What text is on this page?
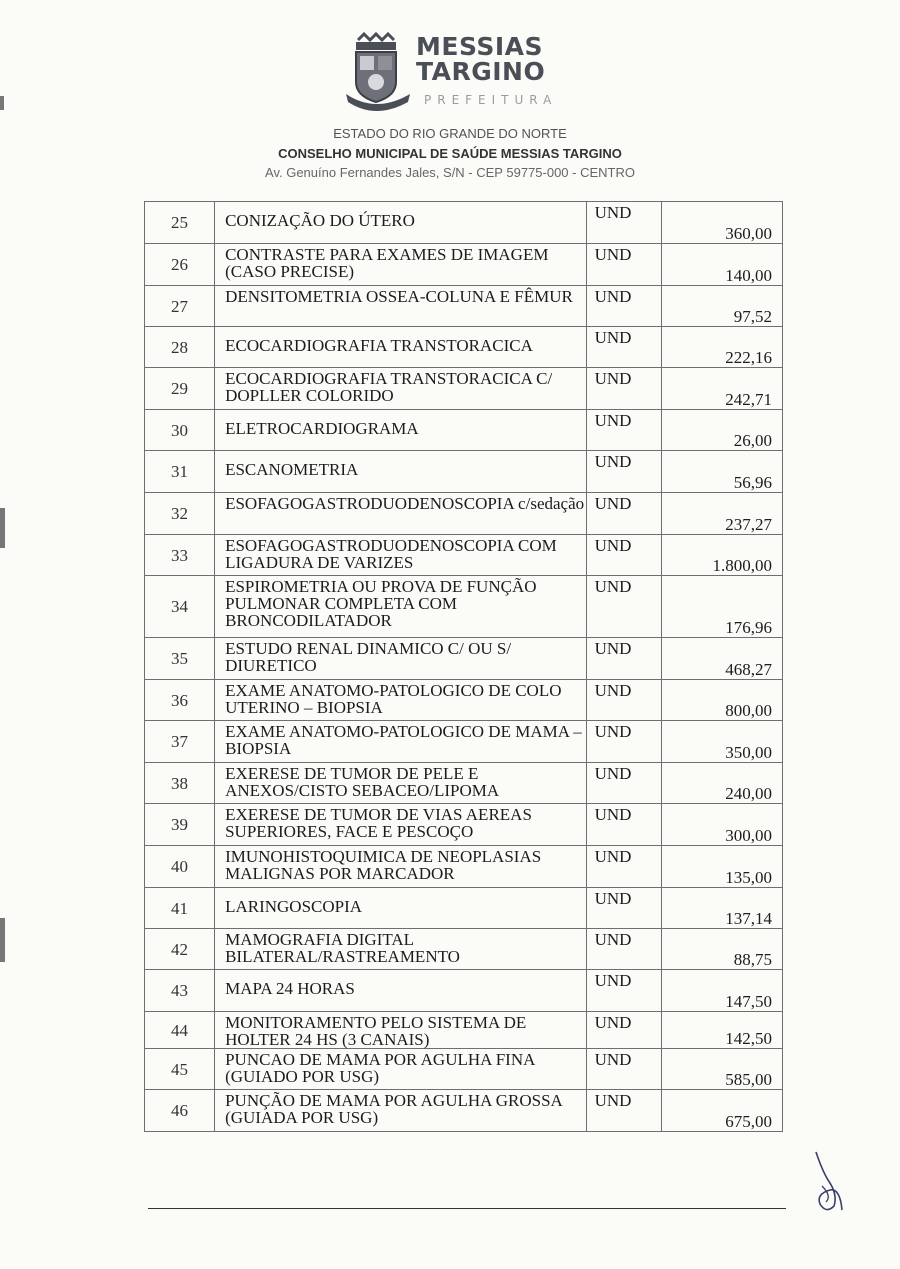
MESSIAS
TARGINO
PREFEITURA
ESTADO DO RIO GRANDE DO NORTE
CONSELHO MUNICIPAL DE SAÚDE MESSIAS TARGINO
Av. Genuíno Fernandes Jales, S/N - CEP 59775-000 - CENTRO
25	CONIZAÇÃO DO ÚTERO	UND	360,00
26	CONTRASTE PARA EXAMES DE IMAGEM (CASO PRECISE)	UND	140,00
27	DENSITOMETRIA OSSEA-COLUNA E FÊMUR	UND	97,52
28	ECOCARDIOGRAFIA TRANSTORACICA	UND	222,16
29	ECOCARDIOGRAFIA TRANSTORACICA C/ DOPLLER COLORIDO	UND	242,71
30	ELETROCARDIOGRAMA	UND	26,00
31	ESCANOMETRIA	UND	56,96
32	ESOFAGOGASTRODUODENOSCOPIA c/sedação	UND	237,27
33	ESOFAGOGASTRODUODENOSCOPIA COM LIGADURA DE VARIZES	UND	1.800,00
34	ESPIROMETRIA OU PROVA DE FUNÇÃO PULMONAR COMPLETA COM BRONCODILATADOR	UND	176,96
35	ESTUDO RENAL DINAMICO C/ OU S/ DIURETICO	UND	468,27
36	EXAME ANATOMO-PATOLOGICO DE COLO UTERINO – BIOPSIA	UND	800,00
37	EXAME ANATOMO-PATOLOGICO DE MAMA – BIOPSIA	UND	350,00
38	EXERESE DE TUMOR DE PELE E ANEXOS/CISTO SEBACEO/LIPOMA	UND	240,00
39	EXERESE DE TUMOR DE VIAS AEREAS SUPERIORES, FACE E PESCOÇO	UND	300,00
40	IMUNOHISTOQUIMICA DE NEOPLASIAS MALIGNAS POR MARCADOR	UND	135,00
41	LARINGOSCOPIA	UND	137,14
42	MAMOGRAFIA DIGITAL BILATERAL/RASTREAMENTO	UND	88,75
43	MAPA 24 HORAS	UND	147,50
44	MONITORAMENTO PELO SISTEMA DE HOLTER 24 HS (3 CANAIS)	UND	142,50
45	PUNCAO DE MAMA POR AGULHA FINA (GUIADO POR USG)	UND	585,00
46	PUNÇÃO DE MAMA POR AGULHA GROSSA (GUIADA POR USG)	UND	675,00
